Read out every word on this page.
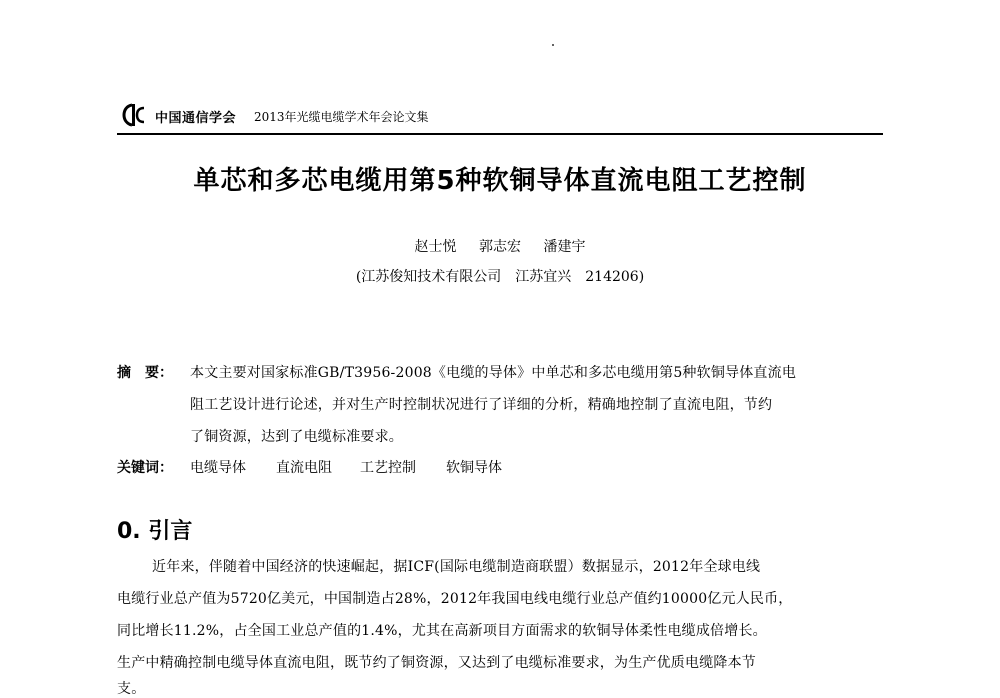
中国通信学会 2013年光缆电缆学术年会论文集
单芯和多芯电缆用第5种软铜导体直流电阻工艺控制
赵士悦 郭志宏 潘建宇
(江苏俊知技术有限公司　江苏宜兴　214206)
摘　要： 本文主要对国家标准GB/T3956-2008《电缆的导体》中单芯和多芯电缆用第5种软铜导体直流电
阻工艺设计进行论述，并对生产时控制状况进行了详细的分析，精确地控制了直流电阻，节约
了铜资源，达到了电缆标准要求。
关键词： 电缆导体 直流电阻 工艺控制 软铜导体
0. 引言
近年来，伴随着中国经济的快速崛起，据ICF(国际电缆制造商联盟）数据显示，2012年全球电线
电缆行业总产值为5720亿美元，中国制造占28%，2012年我国电线电缆行业总产值约10000亿元人民币，
同比增长11.2%，占全国工业总产值的1.4%，尤其在高新项目方面需求的软铜导体柔性电缆成倍增长。
生产中精确控制电缆导体直流电阻，既节约了铜资源，又达到了电缆标准要求，为生产优质电缆降本节
支。
